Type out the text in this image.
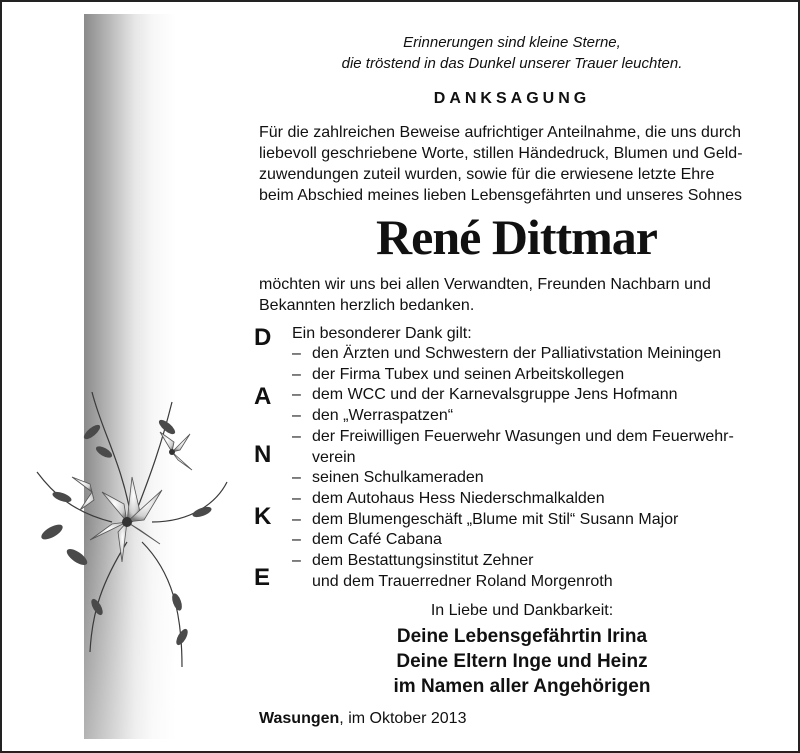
Erinnerungen sind kleine Sterne,
die tröstend in das Dunkel unserer Trauer leuchten.
DANKSAGUNG
Für die zahlreichen Beweise aufrichtiger Anteilnahme, die uns durch
liebevoll geschriebene Worte, stillen Händedruck, Blumen und Geld-
zuwendungen zuteil wurden, sowie für die erwiesene letzte Ehre
beim Abschied meines lieben Lebensgefährten und unseres Sohnes
René Dittmar
möchten wir uns bei allen Verwandten, Freunden Nachbarn und
Bekannten herzlich bedanken.
D
A
N
K
E
Ein besonderer Dank gilt:
– den Ärzten und Schwestern der Palliativstation Meiningen
– der Firma Tubex und seinen Arbeitskollegen
– dem WCC und der Karnevalsgruppe Jens Hofmann
– den „Werraspatzen“
– der Freiwilligen Feuerwehr Wasungen und dem Feuerwehr-
verein
– seinen Schulkameraden
– dem Autohaus Hess Niederschmalkalden
– dem Blumengeschäft „Blume mit Stil“ Susann Major
– dem Café Cabana
– dem Bestattungsinstitut Zehner
und dem Trauerredner Roland Morgenroth
In Liebe und Dankbarkeit:
Deine Lebensgefährtin Irina
Deine Eltern Inge und Heinz
im Namen aller Angehörigen
Wasungen, im Oktober 2013
